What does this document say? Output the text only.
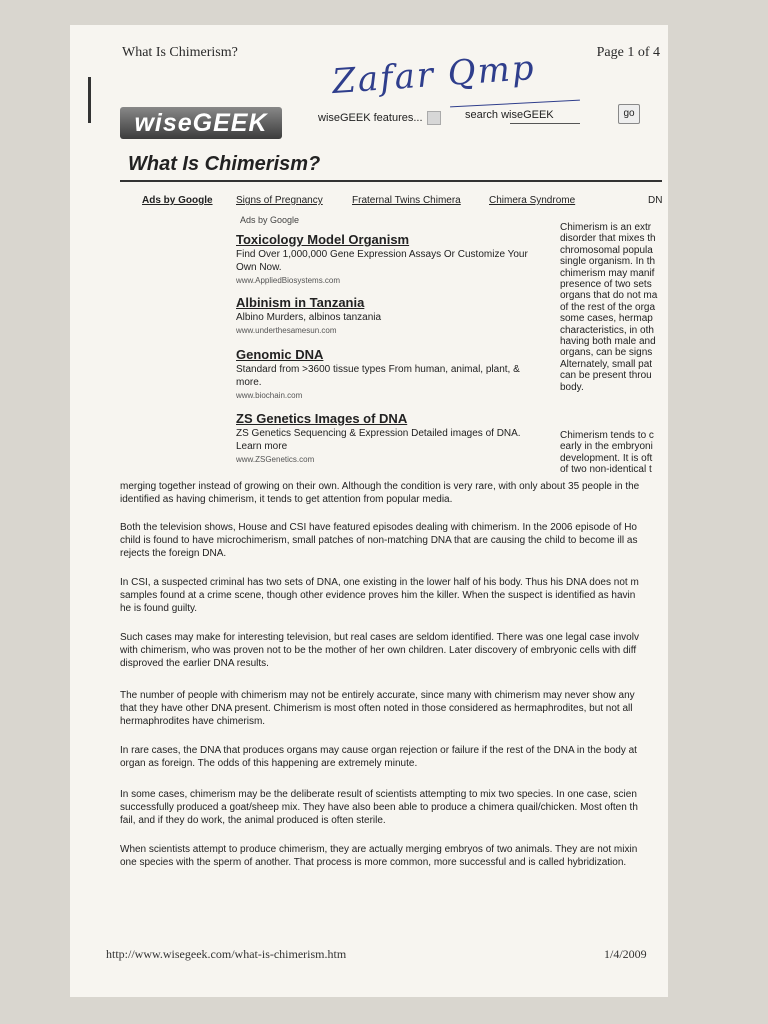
What Is Chimerism?	Page 1 of 4
Zafar Qmp
wiseGEEK	wiseGEEK features...	search wiseGEEK	go
What Is Chimerism?
Ads by Google Signs of Pregnancy	Fraternal Twins Chimera	Chimera Syndrome	DN
Ads by Google
Toxicology Model Organism
Find Over 1,000,000 Gene Expression Assays Or Customize Your Own Now.
www.AppliedBiosystems.com
Albinism in Tanzania
Albino Murders, albinos tanzania
www.underthesamesun.com
Genomic DNA
Standard from >3600 tissue types From human, animal, plant, & more.
www.biochain.com
ZS Genetics Images of DNA
ZS Genetics Sequencing & Expression Detailed images of DNA. Learn more
www.ZSGenetics.com
Chimerism is an extr
disorder that mixes th
chromosomal popula
single organism. In th
chimerism may manif
presence of two sets
organs that do not ma
of the rest of the orga
some cases, hermap
characteristics, in oth
having both male and
organs, can be signs
Alternately, small pat
can be present throu
body.
Chimerism tends to c
early in the embryoni
development. It is oft
of two non-identical t
merging together instead of growing on their own. Although the condition is very rare, with only about 35 people in the
identified as having chimerism, it tends to get attention from popular media.
Both the television shows, House and CSI have featured episodes dealing with chimerism. In the 2006 episode of Ho
child is found to have microchimerism, small patches of non-matching DNA that are causing the child to become ill as
rejects the foreign DNA.
In CSI, a suspected criminal has two sets of DNA, one existing in the lower half of his body. Thus his DNA does not m
samples found at a crime scene, though other evidence proves him the killer. When the suspect is identified as havin
he is found guilty.
Such cases may make for interesting television, but real cases are seldom identified. There was one legal case involv
with chimerism, who was proven not to be the mother of her own children. Later discovery of embryonic cells with diff
disproved the earlier DNA results.
The number of people with chimerism may not be entirely accurate, since many with chimerism may never show any
that they have other DNA present. Chimerism is most often noted in those considered as hermaphrodites, but not all
hermaphrodites have chimerism.
In rare cases, the DNA that produces organs may cause organ rejection or failure if the rest of the DNA in the body at
organ as foreign. The odds of this happening are extremely minute.
In some cases, chimerism may be the deliberate result of scientists attempting to mix two species. In one case, scien
successfully produced a goat/sheep mix. They have also been able to produce a chimera quail/chicken. Most often th
fail, and if they do work, the animal produced is often sterile.
When scientists attempt to produce chimerism, they are actually merging embryos of two animals. They are not mixin
one species with the sperm of another. That process is more common, more successful and is called hybridization.
http://www.wisegeek.com/what-is-chimerism.htm	1/4/2009
